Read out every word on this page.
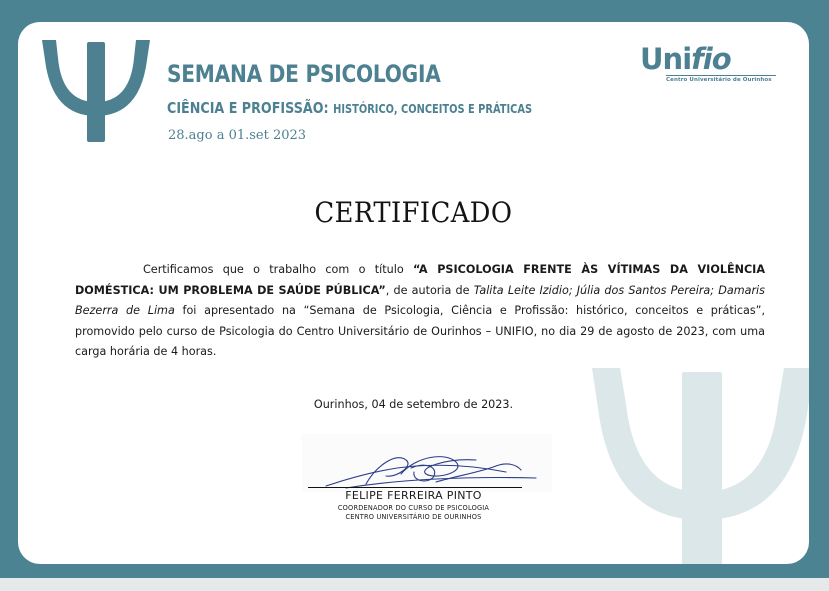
SEMANA DE PSICOLOGIA
CIÊNCIA E PROFISSÃO: HISTÓRICO, CONCEITOS E PRÁTICAS
28.ago a 01.set 2023
Unifio
Centro Universitário de Ourinhos
CERTIFICADO

Certificamos que o trabalho com o título “A PSICOLOGIA FRENTE ÀS VÍTIMAS DA VIOLÊNCIA DOMÉSTICA: UM PROBLEMA DE SAÚDE PÚBLICA”, de autoria de Talita Leite Izidio; Júlia dos Santos Pereira; Damaris Bezerra de Lima foi apresentado na “Semana de Psicologia, Ciência e Profissão: histórico, conceitos e práticas”, promovido pelo curso de Psicologia do Centro Universitário de Ourinhos – UNIFIO, no dia 29 de agosto de 2023, com uma carga horária de 4 horas.

Ourinhos, 04 de setembro de 2023.
FELIPE FERREIRA PINTO
COORDENADOR DO CURSO DE PSICOLOGIA
CENTRO UNIVERSITÁRIO DE OURINHOS
